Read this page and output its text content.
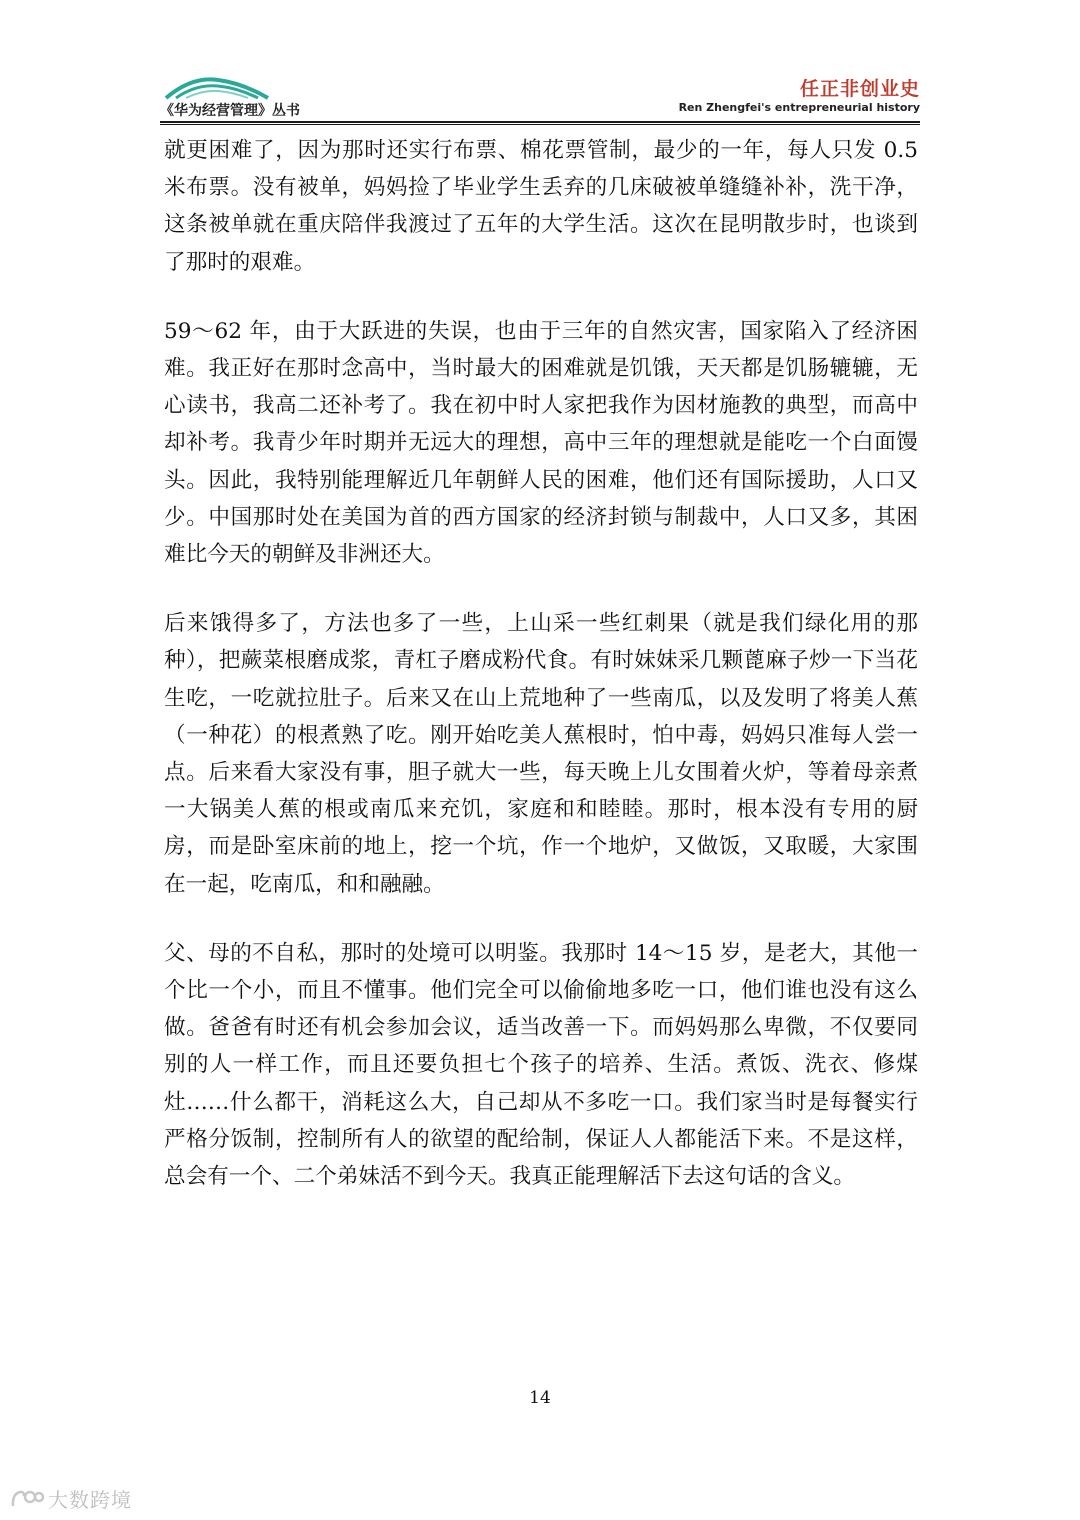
《华为经营管理》丛书
任正非创业史
Ren Zhengfei's entrepreneurial history

就更困难了，因为那时还实行布票、棉花票管制，最少的一年，每人只发 0.5 米布票。没有被单，妈妈捡了毕业学生丢弃的几床破被单缝缝补补，洗干净，这条被单就在重庆陪伴我渡过了五年的大学生活。这次在昆明散步时，也谈到了那时的艰难。

59～62 年，由于大跃进的失误，也由于三年的自然灾害，国家陷入了经济困难。我正好在那时念高中，当时最大的困难就是饥饿，天天都是饥肠辘辘，无心读书，我高二还补考了。我在初中时人家把我作为因材施教的典型，而高中却补考。我青少年时期并无远大的理想，高中三年的理想就是能吃一个白面馒头。因此，我特别能理解近几年朝鲜人民的困难，他们还有国际援助，人口又少。中国那时处在美国为首的西方国家的经济封锁与制裁中，人口又多，其困难比今天的朝鲜及非洲还大。

后来饿得多了，方法也多了一些，上山采一些红刺果（就是我们绿化用的那种），把蕨菜根磨成浆，青杠子磨成粉代食。有时妹妹采几颗蓖麻子炒一下当花生吃，一吃就拉肚子。后来又在山上荒地种了一些南瓜，以及发明了将美人蕉（一种花）的根煮熟了吃。刚开始吃美人蕉根时，怕中毒，妈妈只准每人尝一点。后来看大家没有事，胆子就大一些，每天晚上儿女围着火炉，等着母亲煮一大锅美人蕉的根或南瓜来充饥，家庭和和睦睦。那时，根本没有专用的厨房，而是卧室床前的地上，挖一个坑，作一个地炉，又做饭，又取暖，大家围在一起，吃南瓜，和和融融。

父、母的不自私，那时的处境可以明鉴。我那时 14～15 岁，是老大，其他一个比一个小，而且不懂事。他们完全可以偷偷地多吃一口，他们谁也没有这么做。爸爸有时还有机会参加会议，适当改善一下。而妈妈那么卑微，不仅要同别的人一样工作，而且还要负担七个孩子的培养、生活。煮饭、洗衣、修煤灶……什么都干，消耗这么大，自己却从不多吃一口。我们家当时是每餐实行严格分饭制，控制所有人的欲望的配给制，保证人人都能活下来。不是这样，总会有一个、二个弟妹活不到今天。我真正能理解活下去这句话的含义。

14
大数跨境
